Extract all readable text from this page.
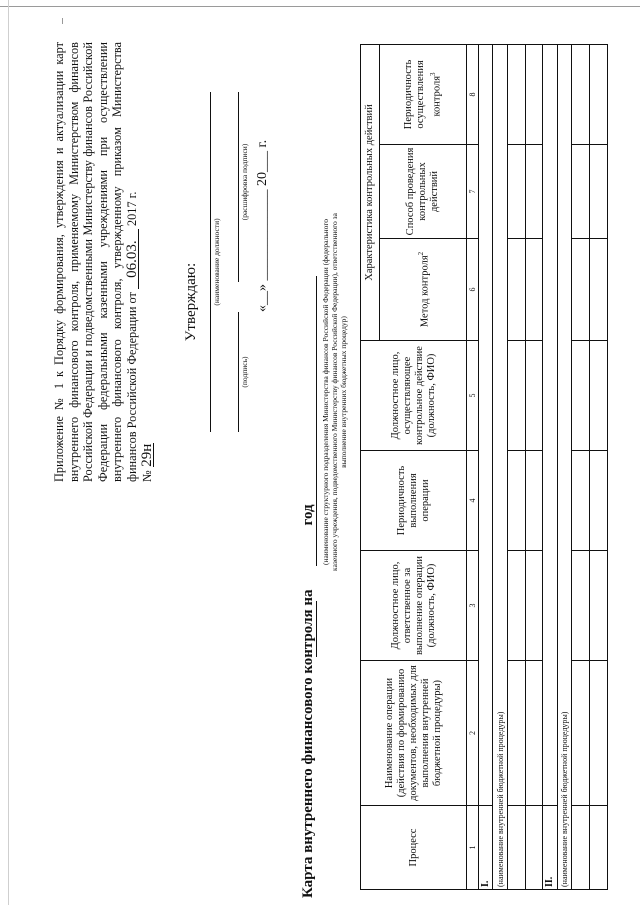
Приложение № 1 к Порядку формирования, утверждения и актуализации карт внутреннего финансового контроля, применяемому Министерством финансов Российской Федерации и подведомственными Министерству финансов Российской Федерации федеральными казенными учреждениями при осуществлении внутреннего финансового контроля, утвержденному приказом Министерства финансов Российской Федерации от 06.03. 2017 г.
№ 29н
Утверждаю: (наименование должности)
(подпись)
(расшифровка подписи) «__» _____________ 20___ г.
Карта внутреннего финансового контроля нагод (наименование структурного подразделения Министерства финансов Российской Федерации (федерального казенного учреждения, подведомственного Министерству финансов Российской Федерации), ответственного за выполнение внутренних бюджетных процедур)
Процесс	Наименование операции (действия по формированию документов, необходимых для выполнения внутренней бюджетной процедуры)	Должностное лицо, ответственное за выполнение операции (должность, ФИО)	Периодичность выполнения операции	Должностное лицо, осуществляющее контрольное действие (должность, ФИО)	Характеристика контрольных действий		
					Метод контроля$^2$	Способ проведения контрольных действий	Периодичность осуществления контроля$^3$
1	2	3	4	5	6	7	8
I.							
(наименование внутренней бюджетной процедуры)							

II.							
(наименование внутренней бюджетной процедуры)							
